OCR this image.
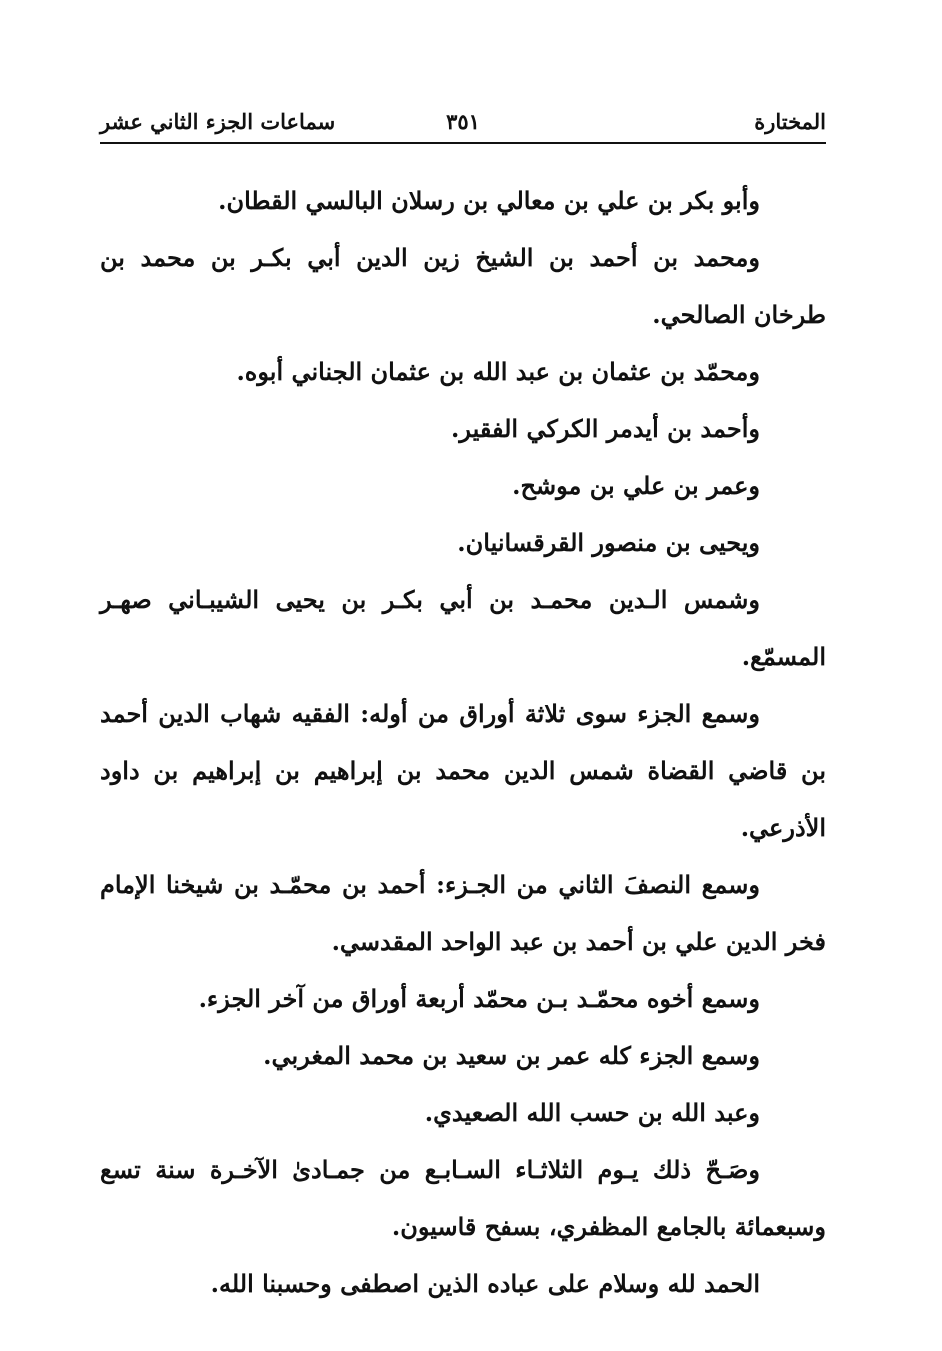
المختارة
٣٥١
سماعات الجزء الثاني عشر

وأبو بكر بن علي بن معالي بن رسلان البالسي القطان.

ومحمد بن أحمد بن الشيخ زين الدين أبي بكـر بن محمد بن طرخان الصالحي.

ومحمّد بن عثمان بن عبد الله بن عثمان الجناني أبوه.

وأحمد بن أيدمر الكركي الفقير.

وعمر بن علي بن موشح.

ويحيى بن منصور القرقسانيان.

وشمس الـدين محمـد بن أبي بكـر بن يحيى الشيبـاني صهـر المسمّع.

وسمع الجزء سوى ثلاثة أوراق من أوله: الفقيه شهاب الدين أحمد بن قاضي القضاة شمس الدين محمد بن إبراهيم بن إبراهيم بن داود الأذرعي.

وسمع النصفَ الثاني من الجـزء: أحمد بن محمّـد بن شيخنا الإمام فخر الدين علي بن أحمد بن عبد الواحد المقدسي.

وسمع أخوه محمّـد بـن محمّد أربعة أوراق من آخر الجزء.

وسمع الجزء كله عمر بن سعيد بن محمد المغربي.

وعبد الله بن حسب الله الصعيدي.

وصَـحّ ذلك يـوم الثلاثـاء السـابـع من جمـادىٰ الآخـرة سنة تسع وسبعمائة بالجامع المظفري، بسفح قاسيون.

الحمد لله وسلام على عباده الذين اصطفى وحسبنا الله.
